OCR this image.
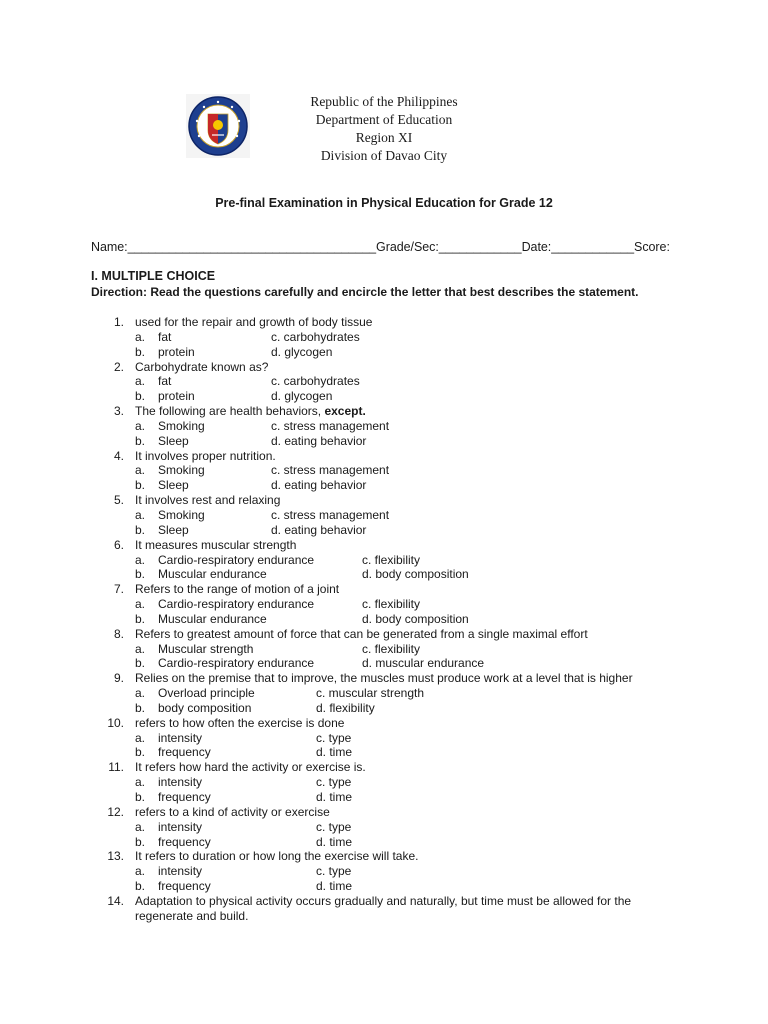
Republic of the Philippines
Department of Education
Region XI
Division of Davao City
Pre-final Examination in Physical Education for Grade 12
Name:____________________________________Grade/Sec:____________Date:____________Score:
I. MULTIPLE CHOICE
Direction: Read the questions carefully and encircle the letter that best describes the statement.
1. used for the repair and growth of body tissue
a. fat	c. carbohydrates
b. protein	d. glycogen
2. Carbohydrate known as?
a. fat	c. carbohydrates
b. protein	d. glycogen
3. The following are health behaviors, except.
a. Smoking	c. stress management
b. Sleep	d. eating behavior
4. It involves proper nutrition.
a. Smoking	c. stress management
b. Sleep	d. eating behavior
5. It involves rest and relaxing
a. Smoking	c. stress management
b. Sleep	d. eating behavior
6. It measures muscular strength
a. Cardio-respiratory endurance	c. flexibility
b. Muscular endurance	d. body composition
7. Refers to the range of motion of a joint
a. Cardio-respiratory endurance	c. flexibility
b. Muscular endurance	d. body composition
8. Refers to greatest amount of force that can be generated from a single maximal effort
a. Muscular strength	c. flexibility
b. Cardio-respiratory endurance	d. muscular endurance
9. Relies on the premise that to improve, the muscles must produce work at a level that is higher
a. Overload principle	c. muscular strength
b. body composition	d. flexibility
10. refers to how often the exercise is done
a. intensity	c. type
b. frequency	d. time
11. It refers how hard the activity or exercise is.
a. intensity	c. type
b. frequency	d. time
12. refers to a kind of activity or exercise
a. intensity	c. type
b. frequency	d. time
13. It refers to duration or how long the exercise will take.
a. intensity	c. type
b. frequency	d. time
14. Adaptation to physical activity occurs gradually and naturally, but time must be allowed for the regenerate and build.
